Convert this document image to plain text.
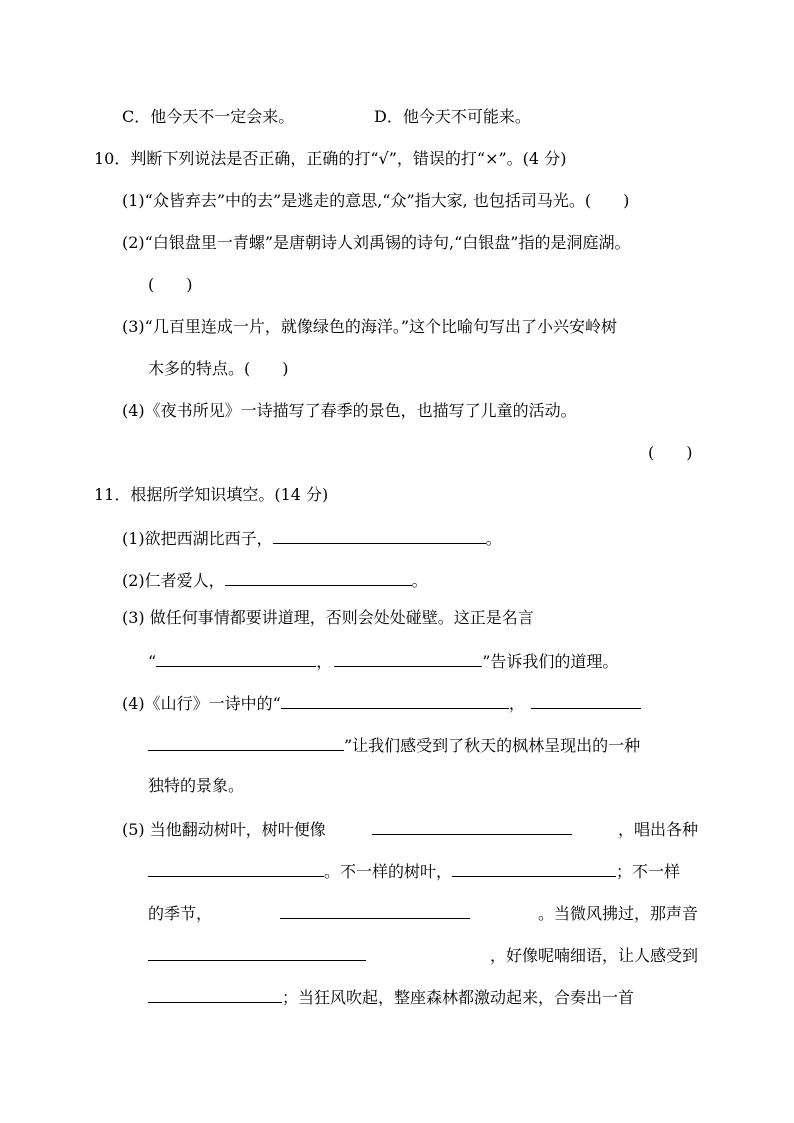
C．他今天不一定会来。	D．他今天不可能来。
10．判断下列说法是否正确，正确的打“√”，错误的打“×”。(4 分)
(1)“众皆弃去”中的去”是逃走的意思,“众”指大家, 也包括司马光。(　　)
(2)“白银盘里一青螺”是唐朝诗人刘禹锡的诗句,“白银盘”指的是洞庭湖。
(　　)
(3)“几百里连成一片，就像绿色的海洋。”这个比喻句写出了小兴安岭树
木多的特点。(　　)
(4)《夜书所见》一诗描写了春季的景色，也描写了儿童的活动。
(　　)
11．根据所学知识填空。(14 分)
(1)欲把西湖比西子，	。
(2)仁者爱人，	。
(3) 做任何事情都要讲道理，否则会处处碰壁。这正是名言
“	，	”告诉我们的道理。
(4)《山行》一诗中的“	，
”让我们感受到了秋天的枫林呈现出的一种
独特的景象。
(5) 当他翻动树叶，树叶便像	，唱出各种
。不一样的树叶，	；不一样
的季节，	。当微风拂过，那声音
，好像呢喃细语，让人感受到
；当狂风吹起，整座森林都激动起来，合奏出一首
